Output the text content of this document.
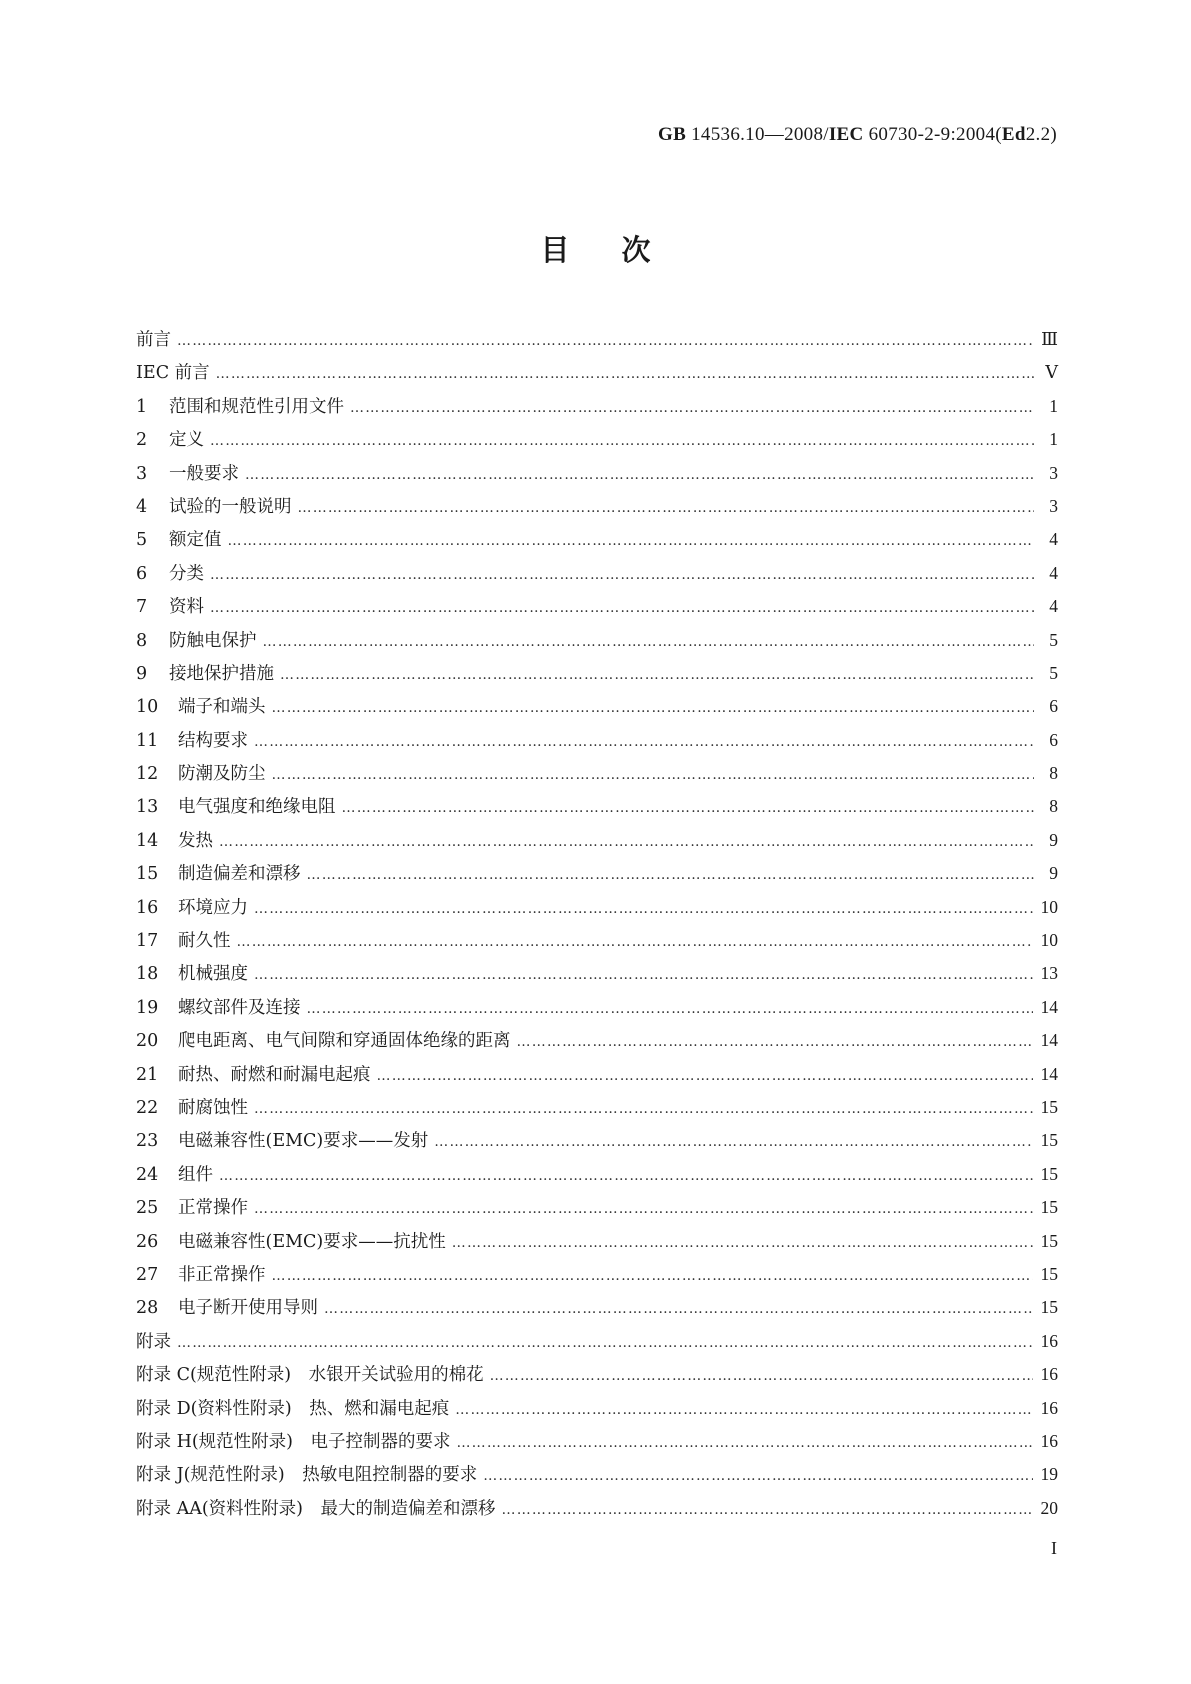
GB 14536.10—2008/IEC 60730-2-9:2004(Ed2.2)
目次
前言 ………………………………………………………………………………………………………………………………………………………………………………………………………………………………………………………………………………	Ⅲ
IEC 前言 ………………………………………………………………………………………………………………………………………………………………………………………………………………………………………………………………………………	Ⅴ
1	范围和规范性引用文件 ………………………………………………………………………………………………………………………………………………………………………………………………………………………………………………………………………………	1
2	定义 ………………………………………………………………………………………………………………………………………………………………………………………………………………………………………………………………………………	1
3	一般要求 ………………………………………………………………………………………………………………………………………………………………………………………………………………………………………………………………………………	3
4	试验的一般说明 ………………………………………………………………………………………………………………………………………………………………………………………………………………………………………………………………………………	3
5	额定值 ………………………………………………………………………………………………………………………………………………………………………………………………………………………………………………………………………………	4
6	分类 ………………………………………………………………………………………………………………………………………………………………………………………………………………………………………………………………………………	4
7	资料 ………………………………………………………………………………………………………………………………………………………………………………………………………………………………………………………………………………	4
8	防触电保护 ………………………………………………………………………………………………………………………………………………………………………………………………………………………………………………………………………………	5
9	接地保护措施 ………………………………………………………………………………………………………………………………………………………………………………………………………………………………………………………………………………	5
10	端子和端头 ………………………………………………………………………………………………………………………………………………………………………………………………………………………………………………………………………………	6
11	结构要求 ………………………………………………………………………………………………………………………………………………………………………………………………………………………………………………………………………………	6
12	防潮及防尘 ………………………………………………………………………………………………………………………………………………………………………………………………………………………………………………………………………………	8
13	电气强度和绝缘电阻 ………………………………………………………………………………………………………………………………………………………………………………………………………………………………………………………………………………	8
14	发热 ………………………………………………………………………………………………………………………………………………………………………………………………………………………………………………………………………………	9
15	制造偏差和漂移 ………………………………………………………………………………………………………………………………………………………………………………………………………………………………………………………………………………	9
16	环境应力 ………………………………………………………………………………………………………………………………………………………………………………………………………………………………………………………………………………	10
17	耐久性 ………………………………………………………………………………………………………………………………………………………………………………………………………………………………………………………………………………	10
18	机械强度 ………………………………………………………………………………………………………………………………………………………………………………………………………………………………………………………………………………	13
19	螺纹部件及连接 ………………………………………………………………………………………………………………………………………………………………………………………………………………………………………………………………………………	14
20	爬电距离、电气间隙和穿通固体绝缘的距离 ………………………………………………………………………………………………………………………………………………………………………………………………………………………………………………………………………………	14
21	耐热、耐燃和耐漏电起痕 ………………………………………………………………………………………………………………………………………………………………………………………………………………………………………………………………………………	14
22	耐腐蚀性 ………………………………………………………………………………………………………………………………………………………………………………………………………………………………………………………………………………	15
23	电磁兼容性(EMC)要求——发射 ………………………………………………………………………………………………………………………………………………………………………………………………………………………………………………………………………………	15
24	组件 ………………………………………………………………………………………………………………………………………………………………………………………………………………………………………………………………………………	15
25	正常操作 ………………………………………………………………………………………………………………………………………………………………………………………………………………………………………………………………………………	15
26	电磁兼容性(EMC)要求——抗扰性 ………………………………………………………………………………………………………………………………………………………………………………………………………………………………………………………………………………	15
27	非正常操作 ………………………………………………………………………………………………………………………………………………………………………………………………………………………………………………………………………………	15
28	电子断开使用导则 ………………………………………………………………………………………………………………………………………………………………………………………………………………………………………………………………………………	15
附录 ………………………………………………………………………………………………………………………………………………………………………………………………………………………………………………………………………………	16
附录 C(规范性附录)　水银开关试验用的棉花 ………………………………………………………………………………………………………………………………………………………………………………………………………………………………………………………………………………	16
附录 D(资料性附录)　热、燃和漏电起痕 ………………………………………………………………………………………………………………………………………………………………………………………………………………………………………………………………………………	16
附录 H(规范性附录)　电子控制器的要求 ………………………………………………………………………………………………………………………………………………………………………………………………………………………………………………………………………………	16
附录 J(规范性附录)　热敏电阻控制器的要求 ………………………………………………………………………………………………………………………………………………………………………………………………………………………………………………………………………………	19
附录 AA(资料性附录)　最大的制造偏差和漂移 ………………………………………………………………………………………………………………………………………………………………………………………………………………………………………………………………………………	20
I
